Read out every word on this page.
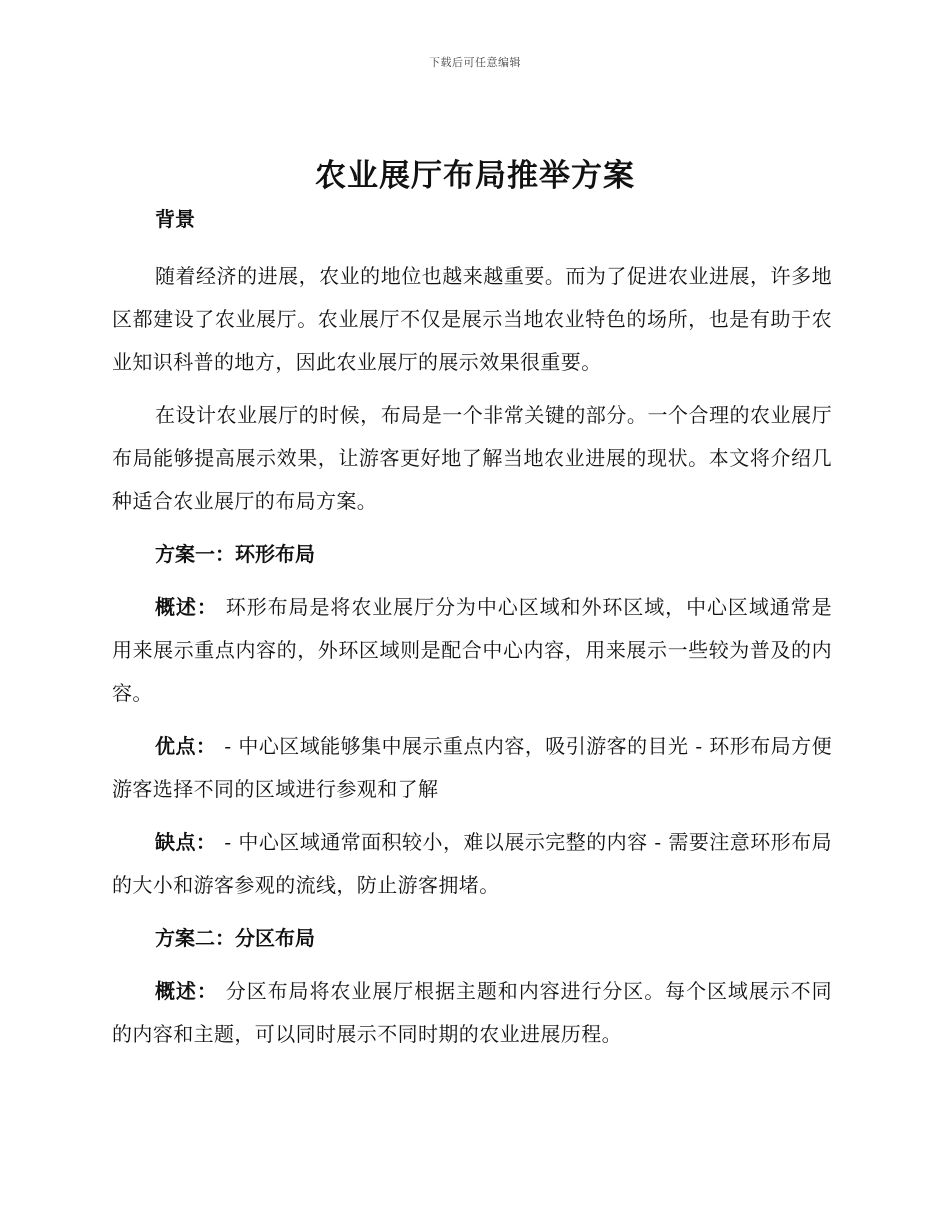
下载后可任意编辑
农业展厅布局推举方案
背景

随着经济的进展，农业的地位也越来越重要。而为了促进农业进展，许多地区都建设了农业展厅。农业展厅不仅是展示当地农业特色的场所，也是有助于农业知识科普的地方，因此农业展厅的展示效果很重要。

在设计农业展厅的时候，布局是一个非常关键的部分。一个合理的农业展厅布局能够提高展示效果，让游客更好地了解当地农业进展的现状。本文将介绍几种适合农业展厅的布局方案。

方案一：环形布局

概述： 环形布局是将农业展厅分为中心区域和外环区域，中心区域通常是用来展示重点内容的，外环区域则是配合中心内容，用来展示一些较为普及的内容。

优点： - 中心区域能够集中展示重点内容，吸引游客的目光 - 环形布局方便游客选择不同的区域进行参观和了解

缺点： - 中心区域通常面积较小，难以展示完整的内容 - 需要注意环形布局的大小和游客参观的流线，防止游客拥堵。

方案二：分区布局

概述： 分区布局将农业展厅根据主题和内容进行分区。每个区域展示不同的内容和主题，可以同时展示不同时期的农业进展历程。
